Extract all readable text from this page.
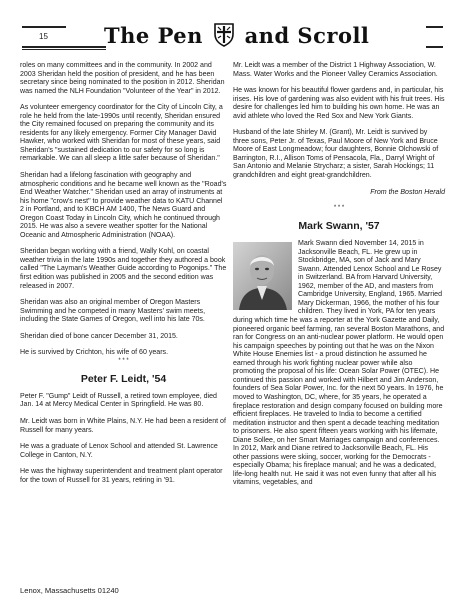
15	The Pen and Scroll

roles on many committees and in the community. In 2002 and 2003 Sheridan held the position of president, and he has been secretary since being nominated to the position in 2012. Sheridan was named the NLH Foundation "Volunteer of the Year" in 2012.

As volunteer emergency coordinator for the City of Lincoln City, a role he held from the late-1990s until recently, Sheridan ensured the City remained focused on preparing the community and its residents for any likely emergency. Former City Manager David Hawker, who worked with Sheridan for most of these years, said Sheridan's "sustained dedication to our safety for so long is remarkable. We can all sleep a little safer because of Sheridan."

Sheridan had a lifelong fascination with geography and atmospheric conditions and he became well known as the "Road's End Weather Watcher." Sheridan used an array of instruments at his home "crow's nest" to provide weather data to KATU Channel 2 in Portland, and to KBCH AM 1400, The News Guard and Oregon Coast Today in Lincoln City, which he continued through 2015. He was also a severe weather spotter for the National Oceanic and Atmospheric Administration (NOAA).

Sheridan began working with a friend, Wally Kohl, on coastal weather trivia in the late 1990s and together they authored a book called "The Layman's Weather Guide according to Pogonips." The first edition was published in 2005 and the second edition was released in 2007.

Sheridan was also an original member of Oregon Masters Swimming and he competed in many Masters' swim meets, including the State Games of Oregon, well into his late 70s.

Sheridan died of bone cancer December 31, 2015.

He is survived by Crichton, his wife of 60 years.

* * *

Peter F. Leidt, '54

Peter F. "Gump" Leidt of Russell, a retired town employee, died Jan. 14 at Mercy Medical Center in Springfield. He was 80.

Mr. Leidt was born in White Plains, N.Y. He had been a resident of Russell for many years.

He was a graduate of Lenox School and attended St. Lawrence College in Canton, N.Y.

He was the highway superintendent and treatment plant operator for the town of Russell for 31 years, retiring in '91.

Mr. Leidt was a member of the District 1 Highway Association, W. Mass. Water Works and the Pioneer Valley Ceramics Association.

He was known for his beautiful flower gardens and, in particular, his irises. His love of gardening was also evident with his fruit trees. His desire for challenges led him to building his own home. He was an avid athlete who loved the Red Sox and New York Giants.

Husband of the late Shirley M. (Grant), Mr. Leidt is survived by three sons, Peter Jr. of Texas, Paul Moore of New York and Bruce Moore of East Longmeadow; four daughters, Bonnie Olchowski of Barrington, R.I., Allison Toms of Pensacola, Fla., Darryl Wright of San Antonio and Melanie Strycharz; a sister, Sarah Hockings; 11 grandchildren and eight great-grandchildren.

From the Boston Herald

* * *

Mark Swann, '57

Mark Swann died November 14, 2015 in Jacksonville Beach, FL. He grew up in Stockbridge, MA, son of Jack and Mary Swann. Attended Lenox School and Le Rosey in Switzerland. BA from Harvard University, 1962, member of the AD, and masters from Cambridge University, England, 1965. Married Mary Dickerman, 1966, the mother of his four children. They lived in York, PA for ten years during which time he was a reporter at the York Gazette and Daily, pioneered organic beef farming, ran several Boston Marathons, and ran for Congress on an anti-nuclear power platform. He would open his campaign speeches by pointing out that he was on the Nixon White House Enemies list - a proud distinction he assumed he earned through his work fighting nuclear power while also promoting the proposal of his life: Ocean Solar Power (OTEC). He continued this passion and worked with Hilbert and Jim Anderson, founders of Sea Solar Power, Inc. for the next 50 years. In 1976, he moved to Washington, DC, where, for 35 years, he operated a fireplace restoration and design company focused on building more efficient fireplaces. He traveled to India to become a certified meditation instructor and then spent a decade teaching meditation to prisoners. He also spent fifteen years working with his lifemate, Diane Sollee, on her Smart Marriages campaign and conferences. In 2012, Mark and Diane retired to Jacksonville Beach, FL. His other passions were skiing, soccer, working for the Democrats - especially Obama; his fireplace manual; and he was a dedicated, life-long health nut. He said it was not even funny that after all his vitamins, vegetables, and

Lenox, Massachusetts 01240
